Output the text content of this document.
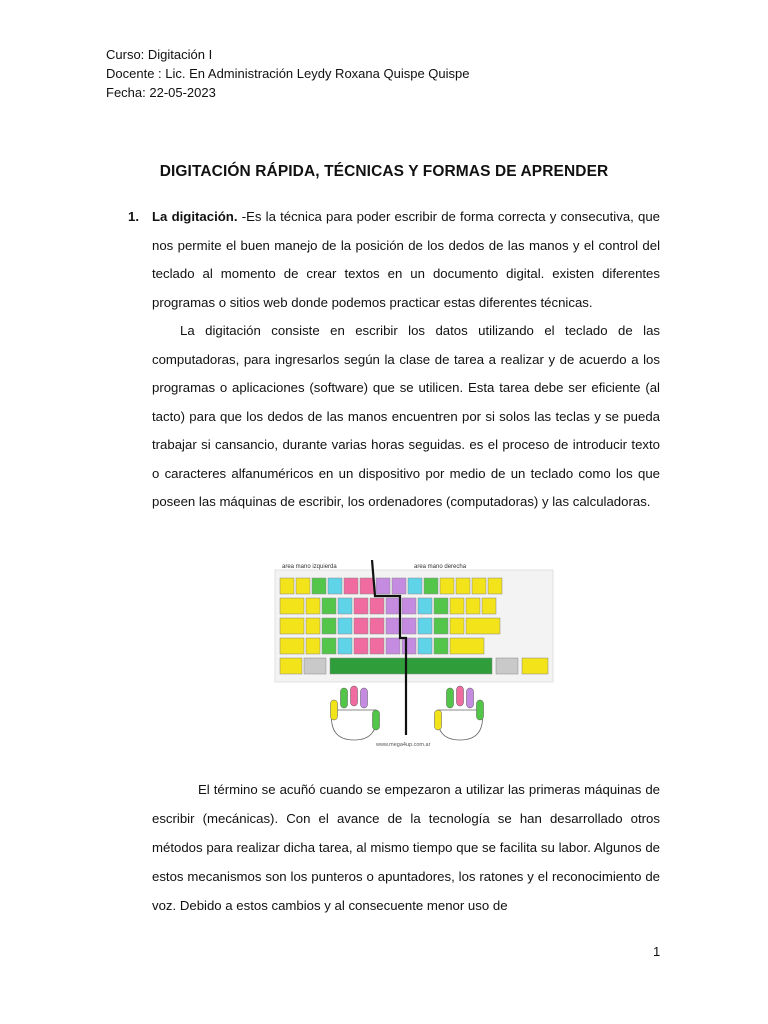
Curso: Digitación I
Docente : Lic. En Administración Leydy Roxana Quispe Quispe
Fecha: 22-05-2023
DIGITACIÓN RÁPIDA, TÉCNICAS Y FORMAS DE APRENDER
1. La digitación. -Es la técnica para poder escribir de forma correcta y consecutiva, que nos permite el buen manejo de la posición de los dedos de las manos y el control del teclado al momento de crear textos en un documento digital. existen diferentes programas o sitios web donde podemos practicar estas diferentes técnicas.

La digitación consiste en escribir los datos utilizando el teclado de las computadoras, para ingresarlos según la clase de tarea a realizar y de acuerdo a los programas o aplicaciones (software) que se utilicen. Esta tarea debe ser eficiente (al tacto) para que los dedos de las manos encuentren por si solos las teclas y se pueda trabajar si cansancio, durante varias horas seguidas. es el proceso de introducir texto o caracteres alfanuméricos en un dispositivo por medio de un teclado como los que poseen las máquinas de escribir, los ordenadores (computadoras) y las calculadoras.

area mano izquierda	area mano derecha
www.mega4up.com.ar

El término se acuñó cuando se empezaron a utilizar las primeras máquinas de escribir (mecánicas). Con el avance de la tecnología se han desarrollado otros métodos para realizar dicha tarea, al mismo tiempo que se facilita su labor. Algunos de estos mecanismos son los punteros o apuntadores, los ratones y el reconocimiento de voz. Debido a estos cambios y al consecuente menor uso de

1
